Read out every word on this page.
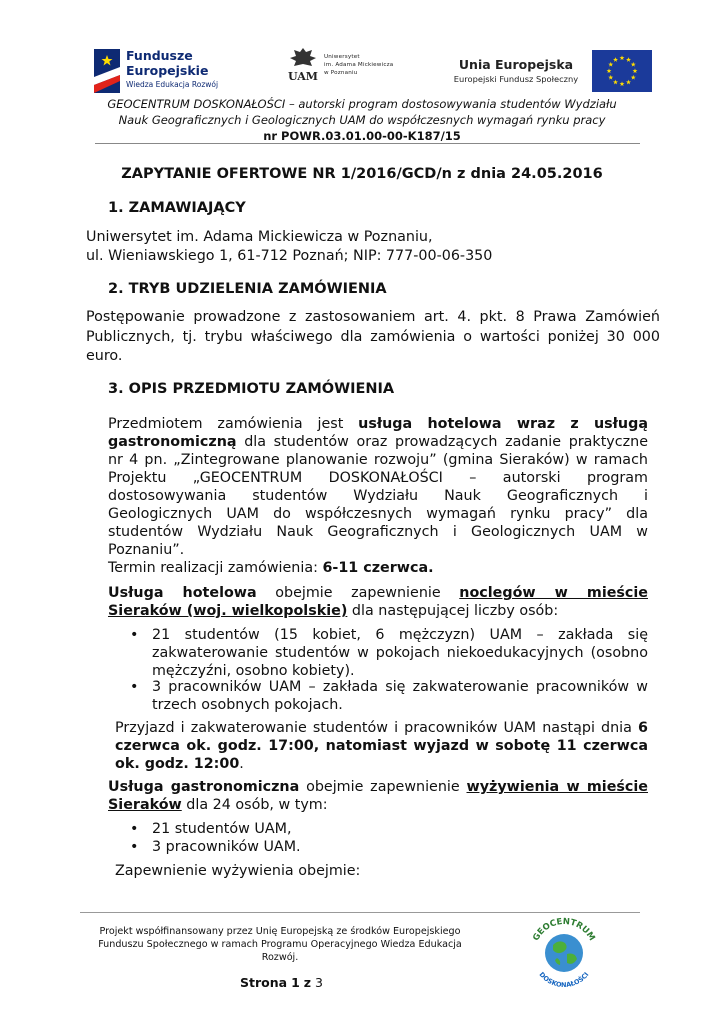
Fundusze
Europejskie
Wiedza Edukacja Rozwój
UAM
Uniwersytet
im. Adama Mickiewicza
w Poznaniu
Unia Europejska
Europejski Fundusz Społeczny
GEOCENTRUM DOSKONAŁOŚCI – autorski program dostosowywania studentów Wydziału
Nauk Geograficznych i Geologicznych UAM do współczesnych wymagań rynku pracy
nr POWR.03.01.00-00-K187/15
ZAPYTANIE OFERTOWE NR 1/2016/GCD/n z dnia 24.05.2016
1. ZAMAWIAJĄCY
Uniwersytet im. Adama Mickiewicza w Poznaniu,
ul. Wieniawskiego 1, 61-712 Poznań; NIP: 777-00-06-350
2. TRYB UDZIELENIA ZAMÓWIENIA
Postępowanie prowadzone z zastosowaniem art. 4. pkt. 8 Prawa Zamówień
Publicznych, tj. trybu właściwego dla zamówienia o wartości poniżej 30 000
euro.
3. OPIS PRZEDMIOTU ZAMÓWIENIA
Przedmiotem zamówienia jest usługa hotelowa wraz z usługą
gastronomiczną dla studentów oraz prowadzących zadanie praktyczne
nr 4 pn. „Zintegrowane planowanie rozwoju” (gmina Sieraków) w ramach
Projektu „GEOCENTRUM DOSKONAŁOŚCI – autorski program
dostosowywania studentów Wydziału Nauk Geograficznych i
Geologicznych UAM do współczesnych wymagań rynku pracy” dla
studentów Wydziału Nauk Geograficznych i Geologicznych UAM w
Poznaniu”.
Termin realizacji zamówienia: 6-11 czerwca.
Usługa hotelowa obejmie zapewnienie noclegów w mieście
Sieraków (woj. wielkopolskie) dla następującej liczby osób:
• 21 studentów (15 kobiet, 6 mężczyzn) UAM – zakłada się
zakwaterowanie studentów w pokojach niekoedukacyjnych (osobno
mężczyźni, osobno kobiety).
• 3 pracowników UAM – zakłada się zakwaterowanie pracowników w
trzech osobnych pokojach.
Przyjazd i zakwaterowanie studentów i pracowników UAM nastąpi dnia 6
czerwca ok. godz. 17:00, natomiast wyjazd w sobotę 11 czerwca
ok. godz. 12:00.
Usługa gastronomiczna obejmie zapewnienie wyżywienia w mieście
Sieraków dla 24 osób, w tym:
• 21 studentów UAM,
• 3 pracowników UAM.
Zapewnienie wyżywienia obejmie:
Projekt współfinansowany przez Unię Europejską ze środków Europejskiego
Funduszu Społecznego w ramach Programu Operacyjnego Wiedza Edukacja
Rozwój.
Strona 1 z 3
GEOCENTRUM
DOSKONAŁOŚCI
